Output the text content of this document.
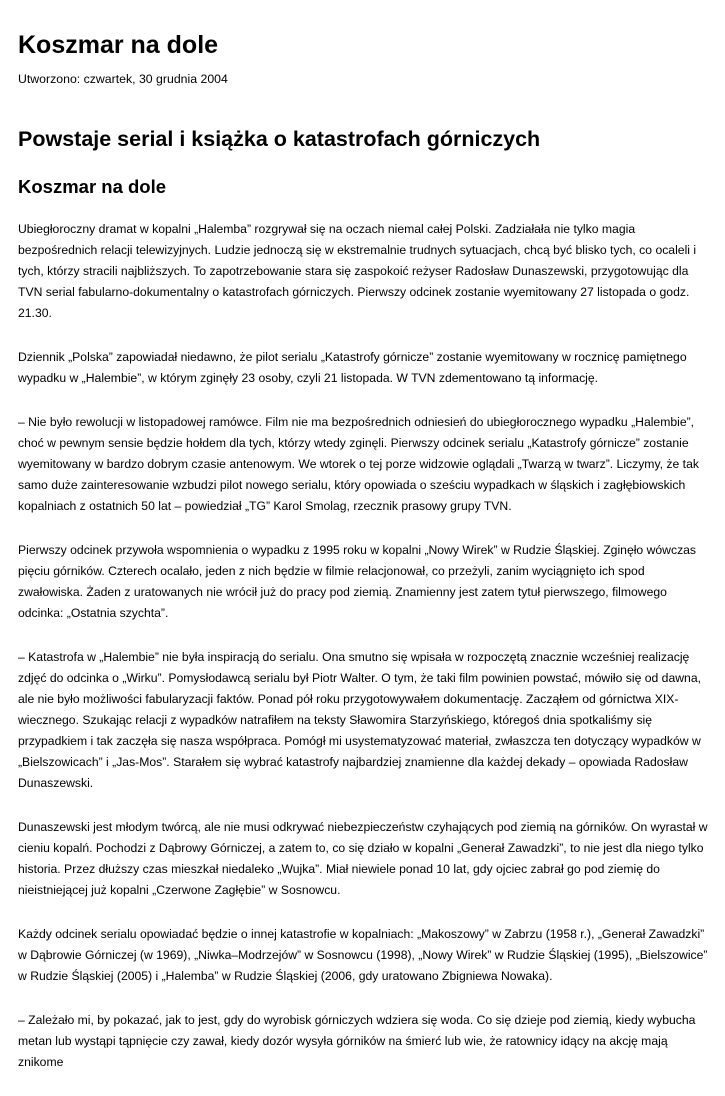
Koszmar na dole
Utworzono: czwartek, 30 grudnia 2004
Powstaje serial i książka o katastrofach górniczych
Koszmar na dole

Ubiegłoroczny dramat w kopalni „Halemba” rozgrywał się na oczach niemal całej Polski. Zadziałała nie tylko magia bezpośrednich relacji telewizyjnych. Ludzie jednoczą się w ekstremalnie trudnych sytuacjach, chcą być blisko tych, co ocaleli i tych, którzy stracili najbliższych. To zapotrzebowanie stara się zaspokoić reżyser Radosław Dunaszewski, przygotowując dla TVN serial fabularno-dokumentalny o katastrofach górniczych. Pierwszy odcinek zostanie wyemitowany 27 listopada o godz. 21.30.

Dziennik „Polska” zapowiadał niedawno, że pilot serialu „Katastrofy górnicze” zostanie wyemitowany w rocznicę pamiętnego wypadku w „Halembie”, w którym zginęły 23 osoby, czyli 21 listopada. W TVN zdementowano tą informację.

– Nie było rewolucji w listopadowej ramówce. Film nie ma bezpośrednich odniesień do ubiegłorocznego wypadku „Halembie”, choć w pewnym sensie będzie hołdem dla tych, którzy wtedy zginęli. Pierwszy odcinek serialu „Katastrofy górnicze” zostanie wyemitowany w bardzo dobrym czasie antenowym. We wtorek o tej porze widzowie oglądali „Twarzą w twarz”. Liczymy, że tak samo duże zainteresowanie wzbudzi pilot nowego serialu, który opowiada o sześciu wypadkach w śląskich i zagłębiowskich kopalniach z ostatnich 50 lat – powiedział „TG” Karol Smolag, rzecznik prasowy grupy TVN.

Pierwszy odcinek przywoła wspomnienia o wypadku z 1995 roku w kopalni „Nowy Wirek” w Rudzie Śląskiej. Zginęło wówczas pięciu górników. Czterech ocalało, jeden z nich będzie w filmie relacjonował, co przeżyli, zanim wyciągnięto ich spod zwałowiska. Żaden z uratowanych nie wrócił już do pracy pod ziemią. Znamienny jest zatem tytuł pierwszego, filmowego odcinka: „Ostatnia szychta”.

– Katastrofa w „Halembie” nie była inspiracją do serialu. Ona smutno się wpisała w rozpoczętą znacznie wcześniej realizację zdjęć do odcinka o „Wirku”. Pomysłodawcą serialu był Piotr Walter. O tym, że taki film powinien powstać, mówiło się od dawna, ale nie było możliwości fabularyzacji faktów. Ponad pół roku przygotowywałem dokumentację. Zacząłem od górnictwa XIX-wiecznego. Szukając relacji z wypadków natrafiłem na teksty Sławomira Starzyńskiego, któregoś dnia spotkaliśmy się przypadkiem i tak zaczęła się nasza współpraca. Pomógł mi usystematyzować materiał, zwłaszcza ten dotyczący wypadków w „Bielszowicach” i „Jas-Mos”. Starałem się wybrać katastrofy najbardziej znamienne dla każdej dekady – opowiada Radosław Dunaszewski.

Dunaszewski jest młodym twórcą, ale nie musi odkrywać niebezpieczeństw czyhających pod ziemią na górników. On wyrastał w cieniu kopalń. Pochodzi z Dąbrowy Górniczej, a zatem to, co się działo w kopalni „Generał Zawadzki”, to nie jest dla niego tylko historia. Przez dłuższy czas mieszkał niedaleko „Wujka”. Miał niewiele ponad 10 lat, gdy ojciec zabrał go pod ziemię do nieistniejącej już kopalni „Czerwone Zagłębie” w Sosnowcu.

Każdy odcinek serialu opowiadać będzie o innej katastrofie w kopalniach: „Makoszowy” w Zabrzu (1958 r.), „Generał Zawadzki” w Dąbrowie Górniczej (w 1969), „Niwka–Modrzejów” w Sosnowcu (1998), „Nowy Wirek” w Rudzie Śląskiej (1995), „Bielszowice” w Rudzie Śląskiej (2005) i „Halemba” w Rudzie Śląskiej (2006, gdy uratowano Zbigniewa Nowaka).

– Zależało mi, by pokazać, jak to jest, gdy do wyrobisk górniczych wdziera się woda. Co się dzieje pod ziemią, kiedy wybucha metan lub wystąpi tąpnięcie czy zawał, kiedy dozór wysyła górników na śmierć lub wie, że ratownicy idący na akcję mają znikome
